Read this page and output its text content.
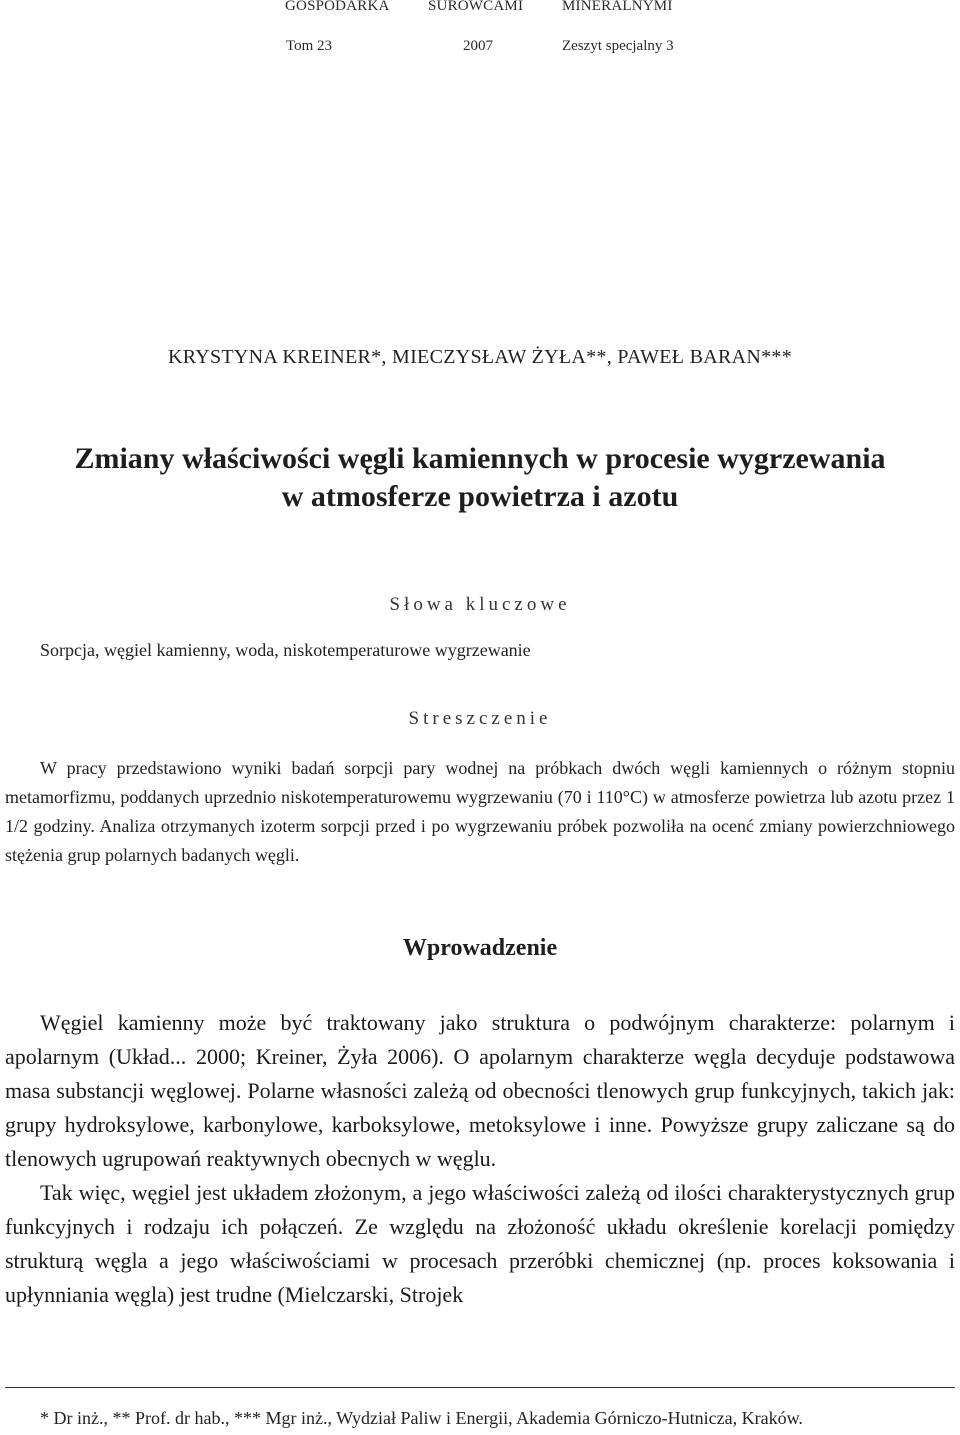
GOSPODARKA	SUROWCAMI	MINERALNYMI
Tom 23	2007	Zeszyt specjalny 3
KRYSTYNA KREINER*, MIECZYSŁAW ŻYŁA**, PAWEŁ BARAN***
Zmiany właściwości węgli kamiennych w procesie wygrzewania
w atmosferze powietrza i azotu
Słowa kluczowe
Sorpcja, węgiel kamienny, woda, niskotemperaturowe wygrzewanie
Streszczenie
W pracy przedstawiono wyniki badań sorpcji pary wodnej na próbkach dwóch węgli kamiennych o różnym stopniu metamorfizmu, poddanych uprzednio niskotemperaturowemu wygrzewaniu (70 i 110°C) w atmosferze powietrza lub azotu przez 1 1/2 godziny. Analiza otrzymanych izoterm sorpcji przed i po wygrzewaniu próbek pozwoliła na ocenć zmiany powierzchniowego stężenia grup polarnych badanych węgli.
Wprowadzenie

Węgiel kamienny może być traktowany jako struktura o podwójnym charakterze: polarnym i apolarnym (Układ... 2000; Kreiner, Żyła 2006). O apolarnym charakterze węgla decyduje podstawowa masa substancji węglowej. Polarne własności zależą od obecności tlenowych grup funkcyjnych, takich jak: grupy hydroksylowe, karbonylowe, karboksylowe, metoksylowe i inne. Powyższe grupy zaliczane są do tlenowych ugrupowań reaktywnych obecnych w węglu.

Tak więc, węgiel jest układem złożonym, a jego właściwości zależą od ilości charakterystycznych grup funkcyjnych i rodzaju ich połączeń. Ze względu na złożoność układu określenie korelacji pomiędzy strukturą węgla a jego właściwościami w procesach przeróbki chemicznej (np. proces koksowania i upłynniania węgla) jest trudne (Mielczarski, Strojek

* Dr inż., ** Prof. dr hab., *** Mgr inż., Wydział Paliw i Energii, Akademia Górniczo-Hutnicza, Kraków.
